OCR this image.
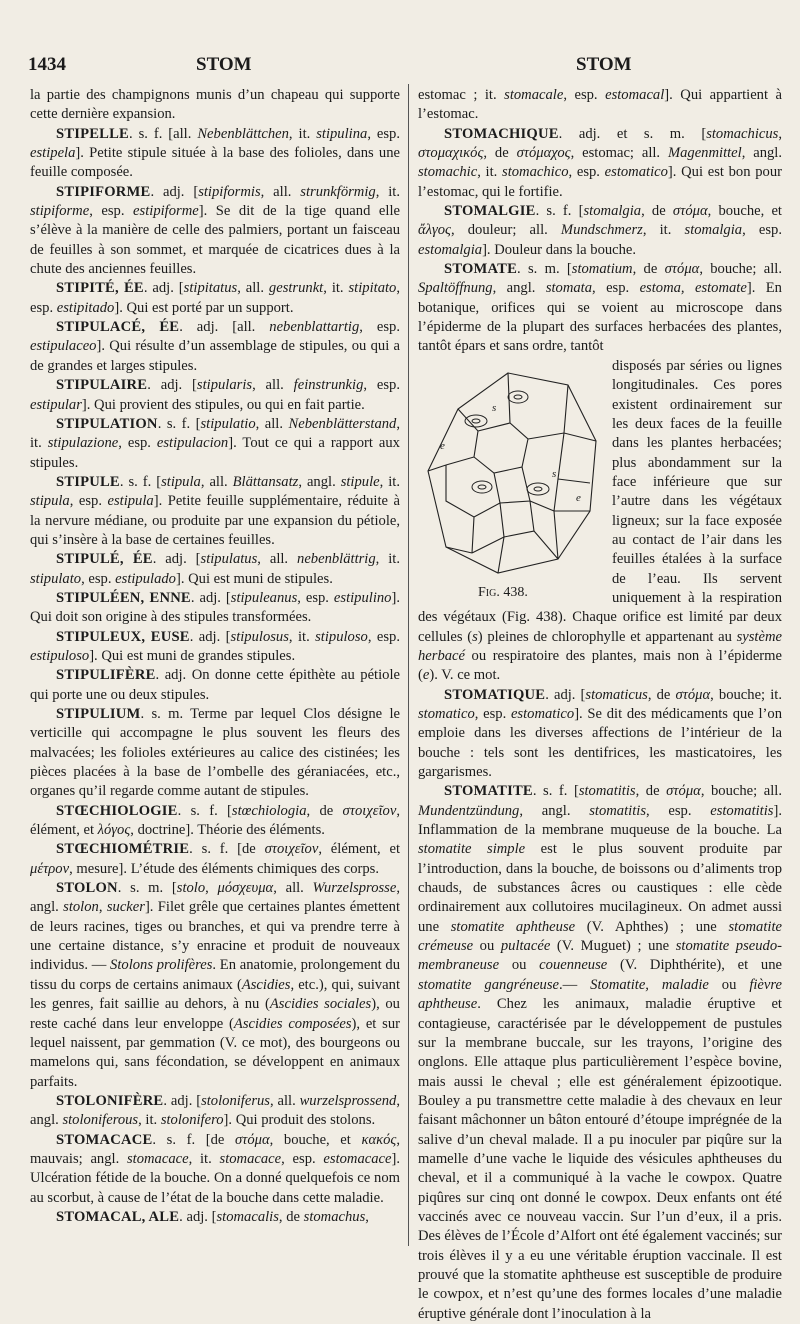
1434	STOM	STOM

la partie des champignons munis d’un chapeau qui supporte cette dernière expansion.

STIPELLE. s. f. [all. Nebenblättchen, it. stipulina, esp. estipela]. Petite stipule située à la base des folioles, dans une feuille composée.

STIPIFORME. adj. [stipiformis, all. strunkförmig, it. stipiforme, esp. estipiforme]. Se dit de la tige quand elle s’élève à la manière de celle des palmiers, portant un faisceau de feuilles à son sommet, et marquée de cicatrices dues à la chute des anciennes feuilles.

STIPITÉ, ÉE. adj. [stipitatus, all. gestrunkt, it. stipitato, esp. estipitado]. Qui est porté par un support.

STIPULACÉ, ÉE. adj. [all. nebenblattartig, esp. estipulaceo]. Qui résulte d’un assemblage de stipules, ou qui a de grandes et larges stipules.

STIPULAIRE. adj. [stipularis, all. feinstrunkig, esp. estipular]. Qui provient des stipules, ou qui en fait partie.

STIPULATION. s. f. [stipulatio, all. Nebenblätterstand, it. stipulazione, esp. estipulacion]. Tout ce qui a rapport aux stipules.

STIPULE. s. f. [stipula, all. Blättansatz, angl. stipule, it. stipula, esp. estipula]. Petite feuille supplémentaire, réduite à la nervure médiane, ou produite par une expansion du pétiole, qui s’insère à la base de certaines feuilles.

STIPULÉ, ÉE. adj. [stipulatus, all. nebenblättrig, it. stipulato, esp. estipulado]. Qui est muni de stipules.

STIPULÉEN, ENNE. adj. [stipuleanus, esp. estipulino]. Qui doit son origine à des stipules transformées.

STIPULEUX, EUSE. adj. [stipulosus, it. stipuloso, esp. estipuloso]. Qui est muni de grandes stipules.

STIPULIFÈRE. adj. On donne cette épithète au pétiole qui porte une ou deux stipules.

STIPULIUM. s. m. Terme par lequel Clos désigne le verticille qui accompagne le plus souvent les fleurs des malvacées; les folioles extérieures au calice des cistinées; les pièces placées à la base de l’ombelle des géraniacées, etc., organes qu’il regarde comme autant de stipules.

STŒCHIOLOGIE. s. f. [stœchiologia, de στοιχεῖον, élément, et λόγος, doctrine]. Théorie des éléments.

STŒCHIOMÉTRIE. s. f. [de στοιχεῖον, élément, et μέτρον, mesure]. L’étude des éléments chimiques des corps.

STOLON. s. m. [stolo, μόσχευμα, all. Wurzelsprosse, angl. stolon, sucker]. Filet grêle que certaines plantes émettent de leurs racines, tiges ou branches, et qui va prendre terre à une certaine distance, s’y enracine et produit de nouveaux individus. — Stolons prolifères. En anatomie, prolongement du tissu du corps de certains animaux (Ascidies, etc.), qui, suivant les genres, fait saillie au dehors, à nu (Ascidies sociales), ou reste caché dans leur enveloppe (Ascidies composées), et sur lequel naissent, par gemmation (V. ce mot), des bourgeons ou mamelons qui, sans fécondation, se développent en animaux parfaits.

STOLONIFÈRE. adj. [stoloniferus, all. wurzelsprossend, angl. stoloniferous, it. stolonifero]. Qui produit des stolons.

STOMACACE. s. f. [de στόμα, bouche, et κακός, mauvais; angl. stomacace, it. stomacace, esp. estomacace]. Ulcération fétide de la bouche. On a donné quelquefois ce nom au scorbut, à cause de l’état de la bouche dans cette maladie.

STOMACAL, ALE. adj. [stomacalis, de stomachus,

estomac ; it. stomacale, esp. estomacal]. Qui appartient à l’estomac.

STOMACHIQUE. adj. et s. m. [stomachicus, στομαχικός, de στόμαχος, estomac; all. Magenmittel, angl. stomachic, it. stomachico, esp. estomatico]. Qui est bon pour l’estomac, qui le fortifie.

STOMALGIE. s. f. [stomalgia, de στόμα, bouche, et ἄλγος, douleur; all. Mundschmerz, it. stomalgia, esp. estomalgia]. Douleur dans la bouche.

STOMATE. s. m. [stomatium, de στόμα, bouche; all. Spaltöffnung, angl. stomata, esp. estoma, estomate]. En botanique, orifices qui se voient au microscope dans l’épiderme de la plupart des surfaces herbacées des plantes, tantôt épars et sans ordre, tantôt

s
s
e
e
Fig. 438.

disposés par séries ou lignes longitudinales. Ces pores existent ordinairement sur les deux faces de la feuille dans les plantes herbacées; plus abondamment sur la face inférieure que sur l’autre dans les végétaux ligneux; sur la face exposée au contact de l’air dans les feuilles étalées à la surface de l’eau. Ils servent uniquement à la respiration des végétaux (Fig. 438). Chaque orifice est limité par deux cellules (s) pleines de chlorophylle et appartenant au système herbacé ou respiratoire des plantes, mais non à l’épiderme (e). V. ce mot.

STOMATIQUE. adj. [stomaticus, de στόμα, bouche; it. stomatico, esp. estomatico]. Se dit des médicaments que l’on emploie dans les diverses affections de l’intérieur de la bouche : tels sont les dentifrices, les masticatoires, les gargarismes.

STOMATITE. s. f. [stomatitis, de στόμα, bouche; all. Mundentzündung, angl. stomatitis, esp. estomatitis]. Inflammation de la membrane muqueuse de la bouche. La stomatite simple est le plus souvent produite par l’introduction, dans la bouche, de boissons ou d’aliments trop chauds, de substances âcres ou caustiques : elle cède ordinairement aux collutoires mucilagineux. On admet aussi une stomatite aphtheuse (V. Aphthes) ; une stomatite crémeuse ou pultacée (V. Muguet) ; une stomatite pseudo-membraneuse ou couenneuse (V. Diphthérite), et une stomatite gangréneuse.— Stomatite, maladie ou fièvre aphtheuse. Chez les animaux, maladie éruptive et contagieuse, caractérisée par le développement de pustules sur la membrane buccale, sur les trayons, l’origine des onglons. Elle attaque plus particulièrement l’espèce bovine, mais aussi le cheval ; elle est généralement épizootique. Bouley a pu transmettre cette maladie à des chevaux en leur faisant mâchonner un bâton entouré d’étoupe imprégnée de la salive d’un cheval malade. Il a pu inoculer par piqûre sur la mamelle d’une vache le liquide des vésicules aphtheuses du cheval, et il a communiqué à la vache le cowpox. Quatre piqûres sur cinq ont donné le cowpox. Deux enfants ont été vaccinés avec ce nouveau vaccin. Sur l’un d’eux, il a pris. Des élèves de l’École d’Alfort ont été également vaccinés; sur trois élèves il y a eu une véritable éruption vaccinale. Il est prouvé que la stomatite aphtheuse est susceptible de produire le cowpox, et n’est qu’une des formes locales d’une maladie éruptive générale dont l’inoculation à la
